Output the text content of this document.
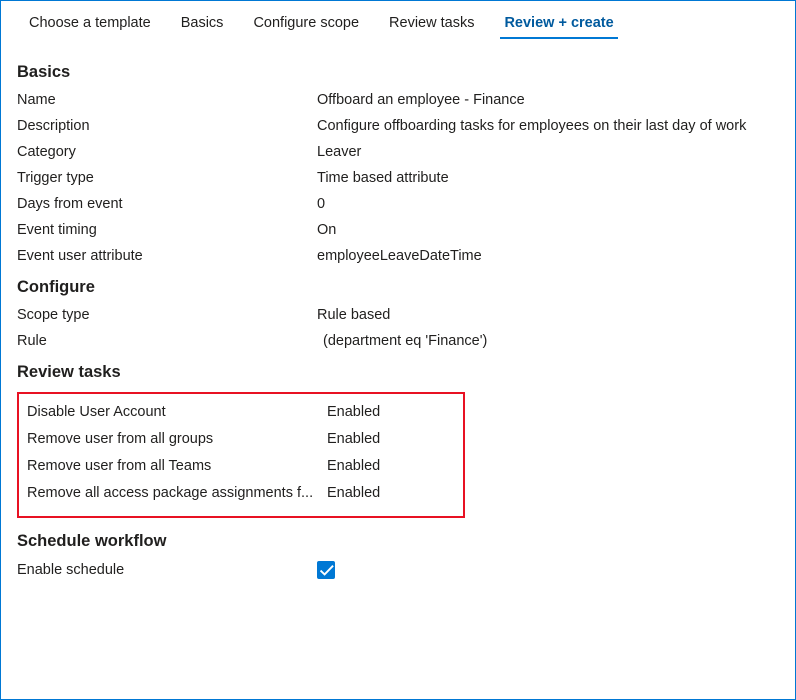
Choose a template	Basics	Configure scope	Review tasks	Review + create
Basics
Name	Offboard an employee - Finance
Description	Configure offboarding tasks for employees on their last day of work
Category	Leaver
Trigger type	Time based attribute
Days from event	0
Event timing	On
Event user attribute	employeeLeaveDateTime
Configure
Scope type	Rule based
Rule	(department eq 'Finance')
Review tasks
Disable User Account	Enabled
Remove user from all groups	Enabled
Remove user from all Teams	Enabled
Remove all access package assignments f... Enabled
Schedule workflow
Enable schedule
